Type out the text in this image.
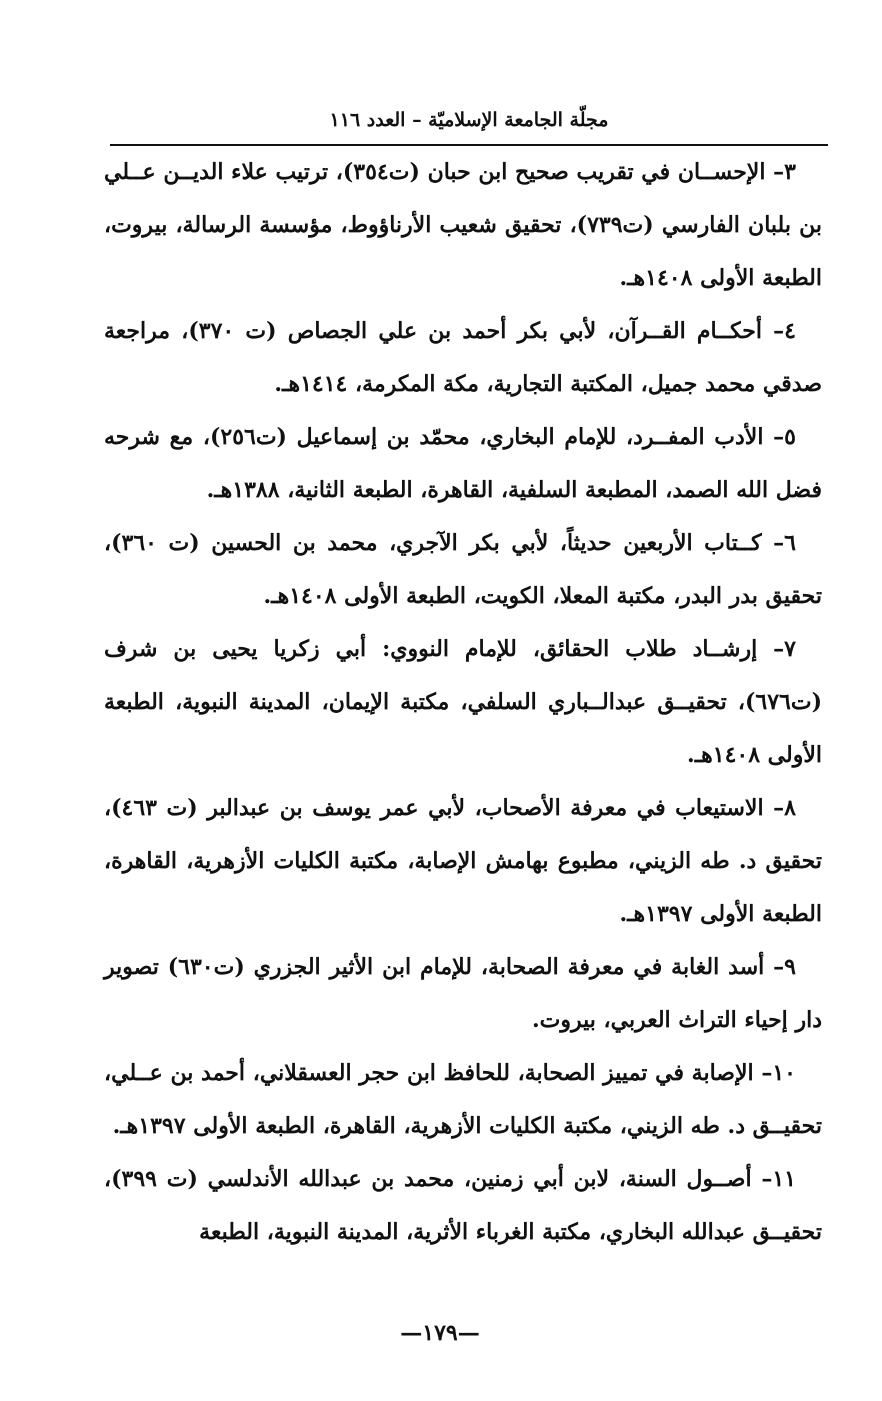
مجلّة الجامعة الإسلاميّة – العدد ١١٦

٣– الإحســان في تقريب صحيح ابن حبان (ت٣٥٤)، ترتيب علاء الديــن عــلي بن بلبان الفارسي (ت٧٣٩)، تحقيق شعيب الأرناؤوط، مؤسسة الرسالة، بيروت، الطبعة الأولى ١٤٠٨هـ.

٤– أحكــام القــرآن، لأبي بكر أحمد بن علي الجصاص (ت ٣٧٠)، مراجعة صدقي محمد جميل، المكتبة التجارية، مكة المكرمة، ١٤١٤هـ.

٥– الأدب المفــرد، للإمام البخاري، محمّد بن إسماعيل (ت٢٥٦)، مع شرحه فضل الله الصمد، المطبعة السلفية، القاهرة، الطبعة الثانية، ١٣٨٨هـ.

٦– كــتاب الأربعين حديثاً، لأبي بكر الآجري، محمد بن الحسين (ت ٣٦٠)، تحقيق بدر البدر، مكتبة المعلا، الكويت، الطبعة الأولى ١٤٠٨هـ.

٧– إرشــاد طلاب الحقائق، للإمام النووي: أبي زكريا يحيى بن شرف (ت٦٧٦)، تحقيــق عبدالــباري السلفي، مكتبة الإيمان، المدينة النبوية، الطبعة الأولى ١٤٠٨هـ.

٨– الاستيعاب في معرفة الأصحاب، لأبي عمر يوسف بن عبدالبر (ت ٤٦٣)، تحقيق د. طه الزيني، مطبوع بهامش الإصابة، مكتبة الكليات الأزهرية، القاهرة، الطبعة الأولى ١٣٩٧هـ.

٩– أسد الغابة في معرفة الصحابة، للإمام ابن الأثير الجزري (ت٦٣٠) تصوير دار إحياء التراث العربي، بيروت.

١٠– الإصابة في تمييز الصحابة، للحافظ ابن حجر العسقلاني، أحمد بن عــلي، تحقيــق د. طه الزيني، مكتبة الكليات الأزهرية، القاهرة، الطبعة الأولى ١٣٩٧هـ.

١١– أصــول السنة، لابن أبي زمنين، محمد بن عبدالله الأندلسي (ت ٣٩٩)، تحقيــق عبدالله البخاري، مكتبة الغرباء الأثرية، المدينة النبوية، الطبعة

—١٧٩—
